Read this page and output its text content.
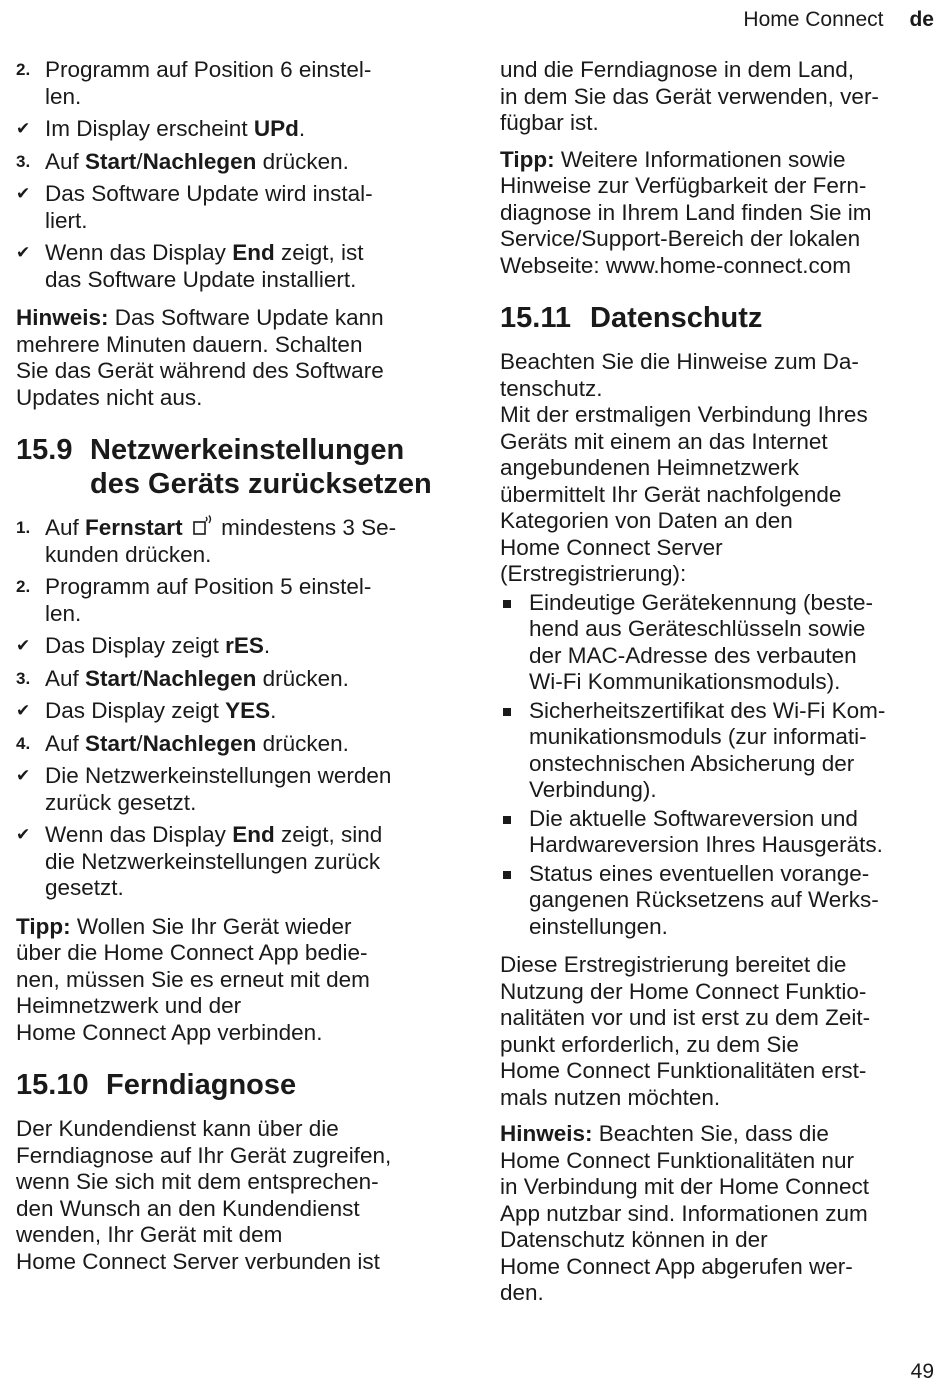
Home Connect de
2. Programm auf Position 6 einstel-
len.
✔ Im Display erscheint UPd.
3. Auf Start/Nachlegen drücken.
✔ Das Software Update wird instal-
liert.
✔ Wenn das Display End zeigt, ist
das Software Update installiert.

Hinweis: Das Software Update kann
mehrere Minuten dauern. Schalten
Sie das Gerät während des Software
Updates nicht aus.

15.9 Netzwerkeinstellungen
des Geräts zurücksetzen
1. Auf Fernstart  mindestens 3 Se-
kunden drücken.
2. Programm auf Position 5 einstel-
len.
✔ Das Display zeigt rES.
3. Auf Start/Nachlegen drücken.
✔ Das Display zeigt YES.
4. Auf Start/Nachlegen drücken.
✔ Die Netzwerkeinstellungen werden
zurück gesetzt.
✔ Wenn das Display End zeigt, sind
die Netzwerkeinstellungen zurück
gesetzt.

Tipp: Wollen Sie Ihr Gerät wieder
über die Home Connect App bedie-
nen, müssen Sie es erneut mit dem
Heimnetzwerk und der
Home Connect App verbinden.

15.10 Ferndiagnose

Der Kundendienst kann über die
Ferndiagnose auf Ihr Gerät zugreifen,
wenn Sie sich mit dem entsprechen-
den Wunsch an den Kundendienst
wenden, Ihr Gerät mit dem
Home Connect Server verbunden ist

und die Ferndiagnose in dem Land,
in dem Sie das Gerät verwenden, ver-
fügbar ist.

Tipp: Weitere Informationen sowie
Hinweise zur Verfügbarkeit der Fern-
diagnose in Ihrem Land finden Sie im
Service/Support-Bereich der lokalen
Webseite: www.home-connect.com

15.11 Datenschutz

Beachten Sie die Hinweise zum Da-
tenschutz.
Mit der erstmaligen Verbindung Ihres
Geräts mit einem an das Internet
angebundenen Heimnetzwerk
übermittelt Ihr Gerät nachfolgende
Kategorien von Daten an den
Home Connect Server
(Erstregistrierung):

Eindeutige Gerätekennung (beste-
hend aus Geräteschlüsseln sowie
der MAC-Adresse des verbauten
Wi-Fi Kommunikationsmoduls).
Sicherheitszertifikat des Wi-Fi Kom-
munikationsmoduls (zur informati-
onstechnischen Absicherung der
Verbindung).
Die aktuelle Softwareversion und
Hardwareversion Ihres Hausgeräts.
Status eines eventuellen vorange-
gangenen Rücksetzens auf Werks-
einstellungen.

Diese Erstregistrierung bereitet die
Nutzung der Home Connect Funktio-
nalitäten vor und ist erst zu dem Zeit-
punkt erforderlich, zu dem Sie
Home Connect Funktionalitäten erst-
mals nutzen möchten.

Hinweis: Beachten Sie, dass die
Home Connect Funktionalitäten nur
in Verbindung mit der Home Connect
App nutzbar sind. Informationen zum
Datenschutz können in der
Home Connect App abgerufen wer-
den.

49
